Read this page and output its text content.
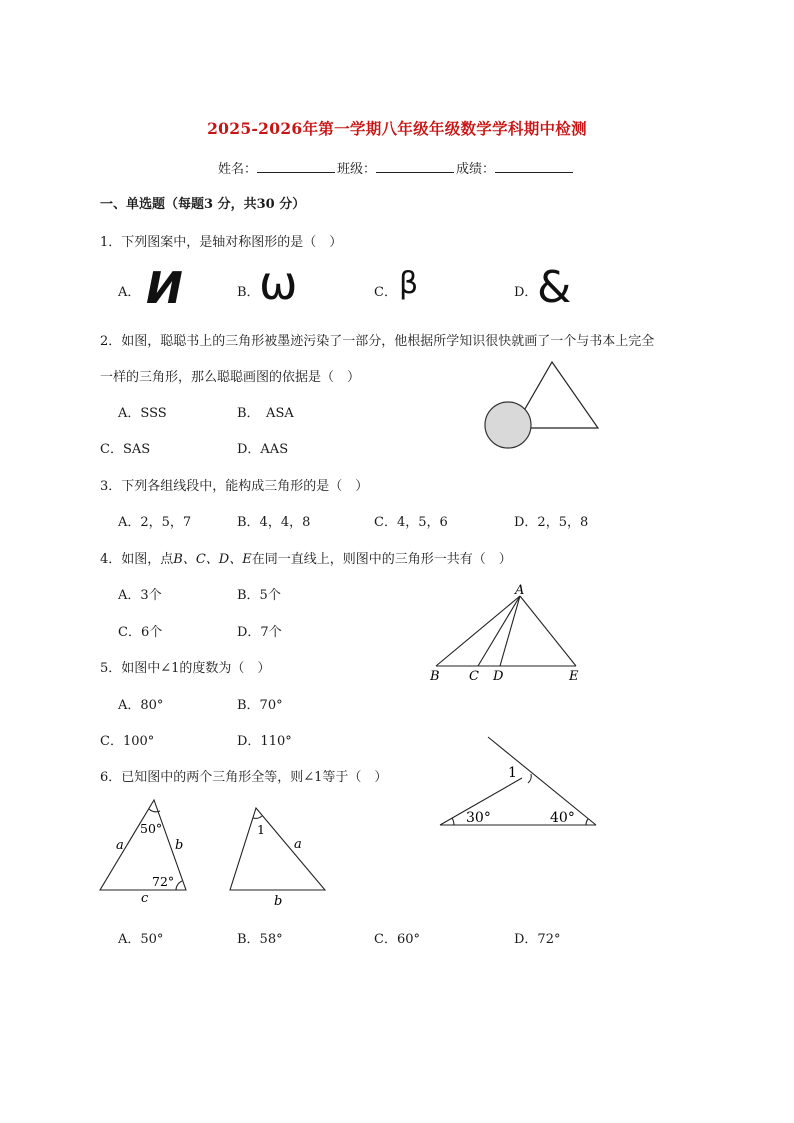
2025-2026年第一学期八年级年级数学学科期中检测
姓名：	班级：	成绩：
一、单选题（每题3 分，共30 分）
1．下列图案中，是轴对称图形的是（　）
A． И	B． ω	C． β	D． &
2．如图，聪聪书上的三角形被墨迹污染了一部分，他根据所学知识很快就画了一个与书本上完全
一样的三角形，那么聪聪画图的依据是（　）
A．SSS	B．　ASA
C．SAS	D．AAS
3．下列各组线段中，能构成三角形的是（　）
A．2，5，7	B．4，4，8	C．4，5，6	D．2，5，8
4．如图，点B、C、D、E在同一直线上，则图中的三角形一共有（　）
A．3个	B．5个
C．6个	D．7个
A
B C D	E
5．如图中∠1的度数为（　）
A．80°	B．70°
C．100°	D．110°
1
30°	40°
6．已知图中的两个三角形全等，则∠1等于（　）
50°
a	b
72°
c
1
a
b
A．50°	B．58°	C．60°	D．72°
